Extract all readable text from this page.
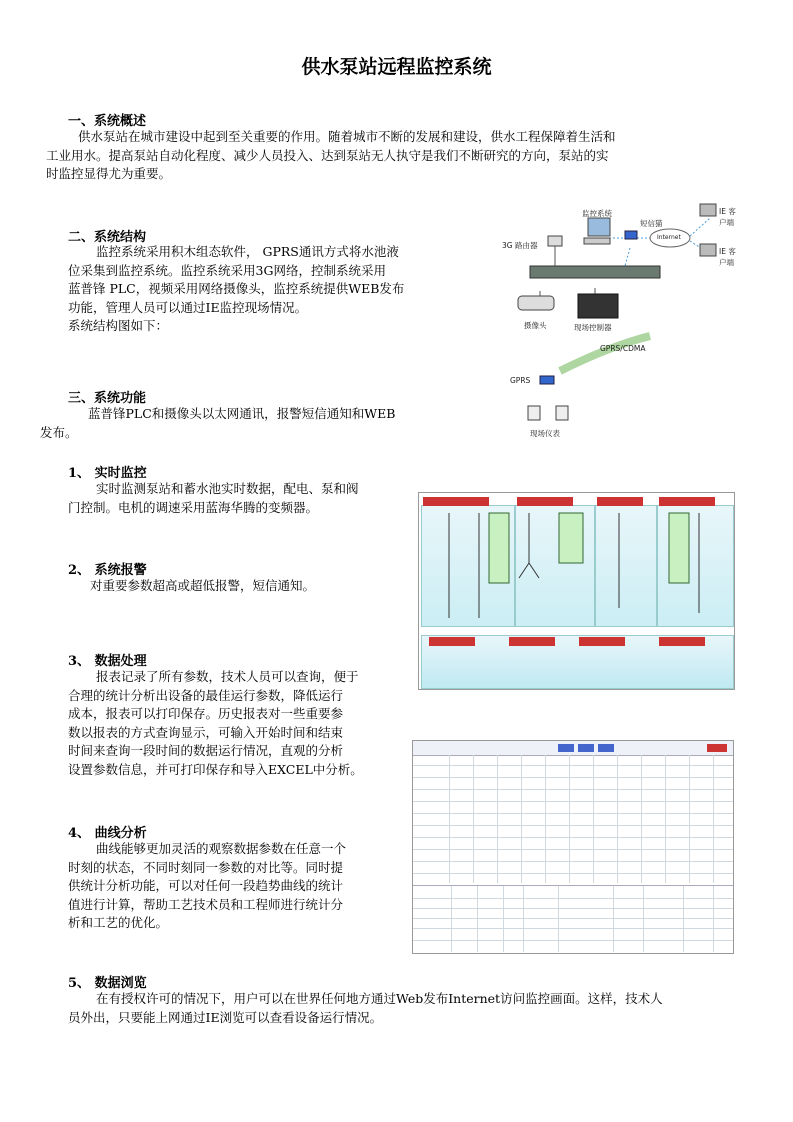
供水泵站远程监控系统
一、系统概述
供水泵站在城市建设中起到至关重要的作用。随着城市不断的发展和建设，供水工程保障着生活和
工业用水。提高泵站自动化程度、减少人员投入、达到泵站无人执守是我们不断研究的方向，泵站的实
时监控显得尤为重要。
二、系统结构
监控系统采用积木组态软件， GPRS通讯方式将水池液
位采集到监控系统。监控系统采用3G网络，控制系统采用
蓝普锋 PLC，视频采用网络摄像头，监控系统提供WEB发布
功能，管理人员可以通过IE监控现场情况。
系统结构图如下：
监控系统
短信猫
IE 客户端
IE 客户端
3G 路由器
Internet
摄像头	现场控制器
GPRS/CDMA
GPRS
现场仪表
三、系统功能
蓝普锋PLC和摄像头以太网通讯，报警短信通知和WEB
发布。
1、 实时监控
实时监测泵站和蓄水池实时数据，配电、泵和阀
门控制。电机的调速采用蓝海华腾的变频器。
2、 系统报警
对重要参数超高或超低报警，短信通知。
3、 数据处理
报表记录了所有参数，技术人员可以查询，便于
合理的统计分析出设备的最佳运行参数，降低运行
成本，报表可以打印保存。历史报表对一些重要参
数以报表的方式查询显示，可输入开始时间和结束
时间来查询一段时间的数据运行情况，直观的分析
设置参数信息，并可打印保存和导入EXCEL中分析。
4、 曲线分析
曲线能够更加灵活的观察数据参数在任意一个
时刻的状态，不同时刻同一参数的对比等。同时提
供统计分析功能，可以对任何一段趋势曲线的统计
值进行计算，帮助工艺技术员和工程师进行统计分
析和工艺的优化。
5、 数据浏览
在有授权许可的情况下，用户可以在世界任何地方通过Web发布Internet访问监控画面。这样，技术人
员外出，只要能上网通过IE浏览可以查看设备运行情况。
